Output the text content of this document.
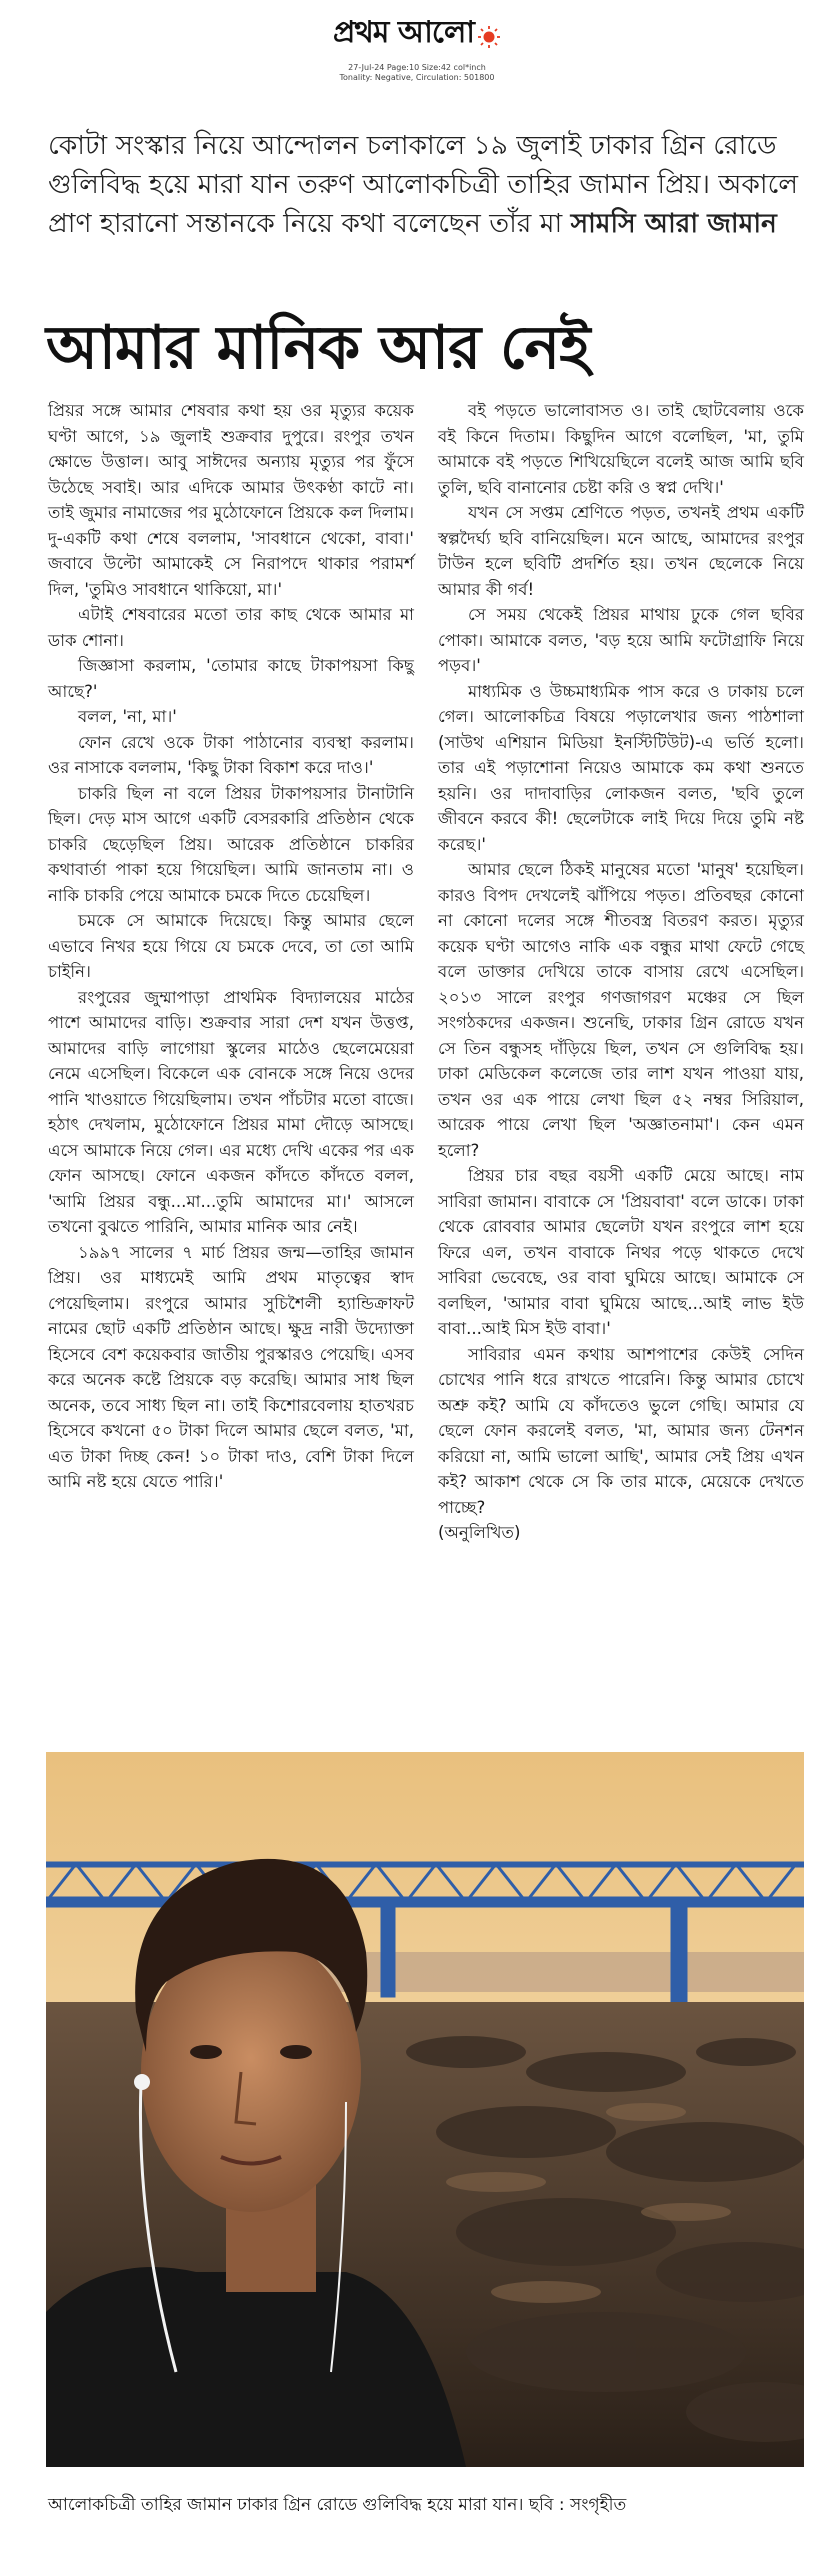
প্রথম আলো
27-Jul-24 Page:10 Size:42 col*inch
Tonality: Negative, Circulation: 501800
কোটা সংস্কার নিয়ে আন্দোলন চলাকালে ১৯ জুলাই ঢাকার গ্রিন রোডে গুলিবিদ্ধ হয়ে মারা যান তরুণ আলোকচিত্রী তাহির জামান প্রিয়। অকালে প্রাণ হারানো সন্তানকে নিয়ে কথা বলেছেন তাঁর মা সামসি আরা জামান
আমার মানিক আর নেই

প্রিয়র সঙ্গে আমার শেষবার কথা হয় ওর মৃত্যুর কয়েক ঘণ্টা আগে, ১৯ জুলাই শুক্রবার দুপুরে। রংপুর তখন ক্ষোভে উত্তাল। আবু সাঈদের অন্যায় মৃত্যুর পর ফুঁসে উঠেছে সবাই। আর এদিকে আমার উৎকণ্ঠা কাটে না। তাই জুমার নামাজের পর মুঠোফোনে প্রিয়কে কল দিলাম। দু-একটি কথা শেষে বললাম, 'সাবধানে থেকো, বাবা।' জবাবে উল্টো আমাকেই সে নিরাপদে থাকার পরামর্শ দিল, 'তুমিও সাবধানে থাকিয়ো, মা।'

এটাই শেষবারের মতো তার কাছ থেকে আমার মা ডাক শোনা।

জিজ্ঞাসা করলাম, 'তোমার কাছে টাকাপয়সা কিছু আছে?'

বলল, 'না, মা।'

ফোন রেখে ওকে টাকা পাঠানোর ব্যবস্থা করলাম। ওর নাসাকে বললাম, 'কিছু টাকা বিকাশ করে দাও।'

চাকরি ছিল না বলে প্রিয়র টাকাপয়সার টানাটানি ছিল। দেড় মাস আগে একটি বেসরকারি প্রতিষ্ঠান থেকে চাকরি ছেড়েছিল প্রিয়। আরেক প্রতিষ্ঠানে চাকরির কথাবার্তা পাকা হয়ে গিয়েছিল। আমি জানতাম না। ও নাকি চাকরি পেয়ে আমাকে চমকে দিতে চেয়েছিল।

চমকে সে আমাকে দিয়েছে। কিন্তু আমার ছেলে এভাবে নিখর হয়ে গিয়ে যে চমকে দেবে, তা তো আমি চাইনি।

রংপুরের জুম্মাপাড়া প্রাথমিক বিদ্যালয়ের মাঠের পাশে আমাদের বাড়ি। শুক্রবার সারা দেশ যখন উত্তপ্ত, আমাদের বাড়ি লাগোয়া স্কুলের মাঠেও ছেলেমেয়েরা নেমে এসেছিল। বিকেলে এক বোনকে সঙ্গে নিয়ে ওদের পানি খাওয়াতে গিয়েছিলাম। তখন পাঁচটার মতো বাজে। হঠাৎ দেখলাম, মুঠোফোনে প্রিয়র মামা দৌড়ে আসছে। এসে আমাকে নিয়ে গেল। এর মধ্যে দেখি একের পর এক ফোন আসছে। ফোনে একজন কাঁদতে কাঁদতে বলল, 'আমি প্রিয়র বন্ধু...মা...তুমি আমাদের মা।' আসলে তখনো বুঝতে পারিনি, আমার মানিক আর নেই।

১৯৯৭ সালের ৭ মার্চ প্রিয়র জন্ম—তাহির জামান প্রিয়। ওর মাধ্যমেই আমি প্রথম মাতৃত্বের স্বাদ পেয়েছিলাম। রংপুরে আমার সুচিশৈলী হ্যান্ডিক্রাফট নামের ছোট একটি প্রতিষ্ঠান আছে। ক্ষুদ্র নারী উদ্যোক্তা হিসেবে বেশ কয়েকবার জাতীয় পুরস্কারও পেয়েছি। এসব করে অনেক কষ্টে প্রিয়কে বড় করেছি। আমার সাধ ছিল অনেক, তবে সাধ্য ছিল না। তাই কিশোরবেলায় হাতখরচ হিসেবে কখনো ৫০ টাকা দিলে আমার ছেলে বলত, 'মা, এত টাকা দিচ্ছ কেন! ১০ টাকা দাও, বেশি টাকা দিলে আমি নষ্ট হয়ে যেতে পারি।'

বই পড়তে ভালোবাসত ও। তাই ছোটবেলায় ওকে বই কিনে দিতাম। কিছুদিন আগে বলেছিল, 'মা, তুমি আমাকে বই পড়তে শিখিয়েছিলে বলেই আজ আমি ছবি তুলি, ছবি বানানোর চেষ্টা করি ও স্বপ্ন দেখি।'

যখন সে সপ্তম শ্রেণিতে পড়ত, তখনই প্রথম একটি স্বল্পদৈর্ঘ্য ছবি বানিয়েছিল। মনে আছে, আমাদের রংপুর টাউন হলে ছবিটি প্রদর্শিত হয়। তখন ছেলেকে নিয়ে আমার কী গর্ব!

সে সময় থেকেই প্রিয়র মাথায় ঢুকে গেল ছবির পোকা। আমাকে বলত, 'বড় হয়ে আমি ফটোগ্রাফি নিয়ে পড়ব।'

মাধ্যমিক ও উচ্চমাধ্যমিক পাস করে ও ঢাকায় চলে গেল। আলোকচিত্র বিষয়ে পড়ালেখার জন্য পাঠশালা (সাউথ এশিয়ান মিডিয়া ইনস্টিটিউট)-এ ভর্তি হলো। তার এই পড়াশোনা নিয়েও আমাকে কম কথা শুনতে হয়নি। ওর দাদাবাড়ির লোকজন বলত, 'ছবি তুলে জীবনে করবে কী! ছেলেটাকে লাই দিয়ে দিয়ে তুমি নষ্ট করেছ।'

আমার ছেলে ঠিকই মানুষের মতো 'মানুষ' হয়েছিল। কারও বিপদ দেখলেই ঝাঁপিয়ে পড়ত। প্রতিবছর কোনো না কোনো দলের সঙ্গে শীতবস্ত্র বিতরণ করত। মৃত্যুর কয়েক ঘণ্টা আগেও নাকি এক বন্ধুর মাথা ফেটে গেছে বলে ডাক্তার দেখিয়ে তাকে বাসায় রেখে এসেছিল। ২০১৩ সালে রংপুর গণজাগরণ মঞ্চের সে ছিল সংগঠকদের একজন। শুনেছি, ঢাকার গ্রিন রোডে যখন সে তিন বন্ধুসহ দাঁড়িয়ে ছিল, তখন সে গুলিবিদ্ধ হয়। ঢাকা মেডিকেল কলেজে তার লাশ যখন পাওয়া যায়, তখন ওর এক পায়ে লেখা ছিল ৫২ নম্বর সিরিয়াল, আরেক পায়ে লেখা ছিল 'অজ্ঞাতনামা'। কেন এমন হলো?

প্রিয়র চার বছর বয়সী একটি মেয়ে আছে। নাম সাবিরা জামান। বাবাকে সে 'প্রিয়বাবা' বলে ডাকে। ঢাকা থেকে রোববার আমার ছেলেটা যখন রংপুরে লাশ হয়ে ফিরে এল, তখন বাবাকে নিথর পড়ে থাকতে দেখে সাবিরা ভেবেছে, ওর বাবা ঘুমিয়ে আছে। আমাকে সে বলছিল, 'আমার বাবা ঘুমিয়ে আছে...আই লাভ ইউ বাবা...আই মিস ইউ বাবা।'

সাবিরার এমন কথায় আশপাশের কেউই সেদিন চোখের পানি ধরে রাখতে পারেনি। কিন্তু আমার চোখে অশ্রু কই? আমি যে কাঁদতেও ভুলে গেছি। আমার যে ছেলে ফোন করলেই বলত, 'মা, আমার জন্য টেনশন করিয়ো না, আমি ভালো আছি', আমার সেই প্রিয় এখন কই? আকাশ থেকে সে কি তার মাকে, মেয়েকে দেখতে পাচ্ছে?

(অনুলিখিত)

আলোকচিত্রী তাহির জামান ঢাকার গ্রিন রোডে গুলিবিদ্ধ হয়ে মারা যান। ছবি : সংগৃহীত
